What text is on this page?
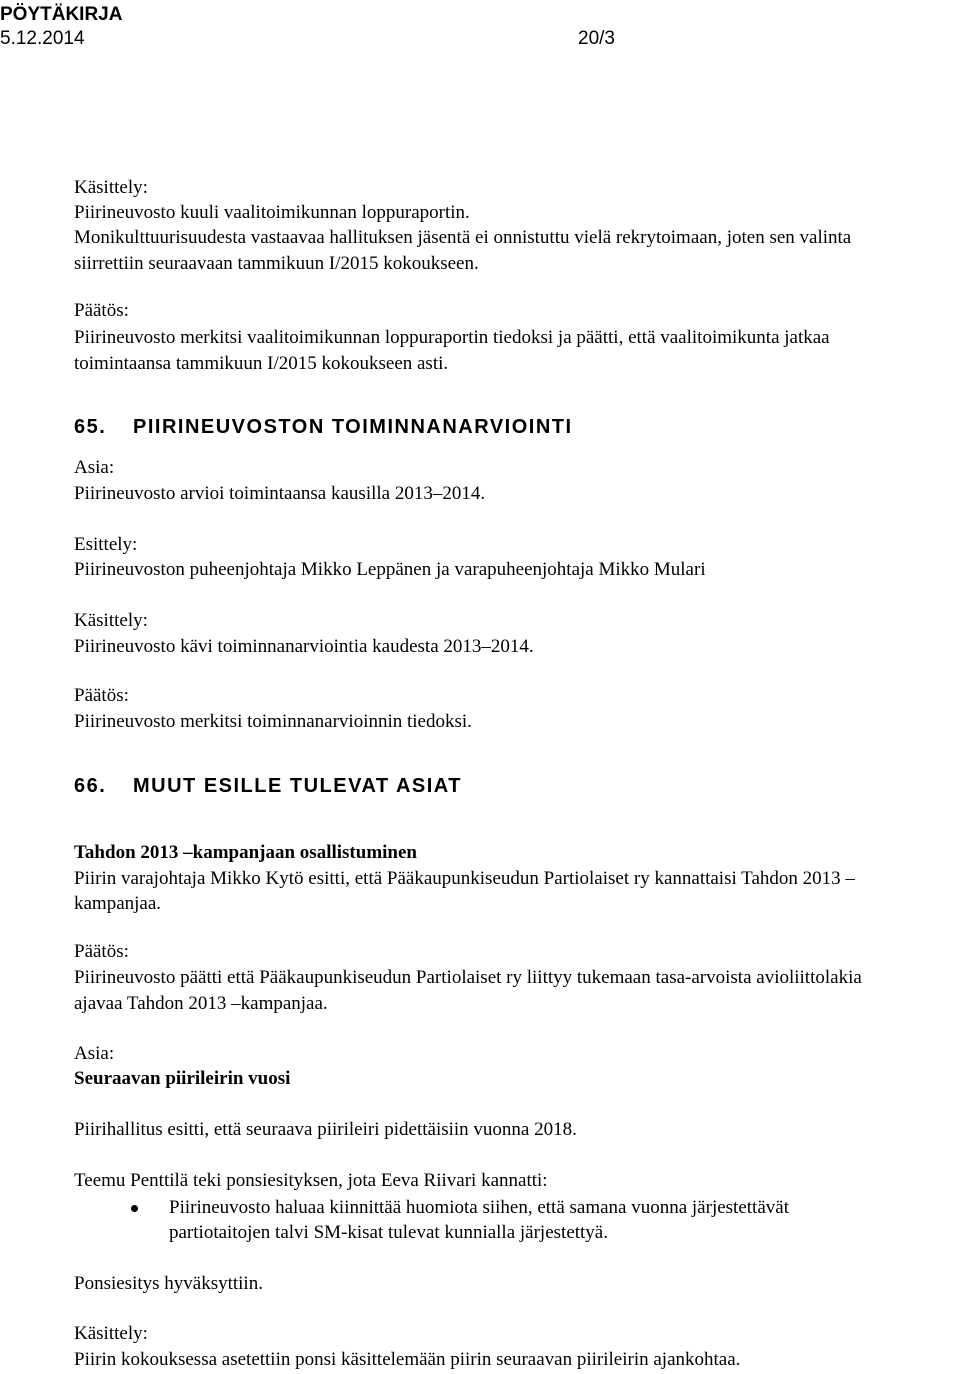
PÖYTÄKIRJA
5.12.2014	20/3
Käsittely:
Piirineuvosto kuuli vaalitoimikunnan loppuraportin.
Monikulttuurisuudesta vastaavaa hallituksen jäsentä ei onnistuttu vielä rekrytoimaan, joten sen valinta
siirrettiin seuraavaan tammikuun I/2015 kokoukseen.
Päätös:
Piirineuvosto merkitsi vaalitoimikunnan loppuraportin tiedoksi ja päätti, että vaalitoimikunta jatkaa
toimintaansa tammikuun I/2015 kokoukseen asti.
65. PIIRINEUVOSTON TOIMINNANARVIOINTI
Asia:
Piirineuvosto arvioi toimintaansa kausilla 2013–2014.
Esittely:
Piirineuvoston puheenjohtaja Mikko Leppänen ja varapuheenjohtaja Mikko Mulari
Käsittely:
Piirineuvosto kävi toiminnanarviointia kaudesta 2013–2014.
Päätös:
Piirineuvosto merkitsi toiminnanarvioinnin tiedoksi.
66. MUUT ESILLE TULEVAT ASIAT
Tahdon 2013 –kampanjaan osallistuminen
Piirin varajohtaja Mikko Kytö esitti, että Pääkaupunkiseudun Partiolaiset ry kannattaisi Tahdon 2013 –
kampanjaa.
Päätös:
Piirineuvosto päätti että Pääkaupunkiseudun Partiolaiset ry liittyy tukemaan tasa-arvoista avioliittolakia
ajavaa Tahdon 2013 –kampanjaa.
Asia:
Seuraavan piirileirin vuosi
Piirihallitus esitti, että seuraava piirileiri pidettäisiin vuonna 2018.
Teemu Penttilä teki ponsiesityksen, jota Eeva Riivari kannatti:
Piirineuvosto haluaa kiinnittää huomiota siihen, että samana vuonna järjestettävät
partiotaitojen talvi SM-kisat tulevat kunnialla järjestettyä.
Ponsiesitys hyväksyttiin.
Käsittely:
Piirin kokouksessa asetettiin ponsi käsittelemään piirin seuraavan piirileirin ajankohtaa.
